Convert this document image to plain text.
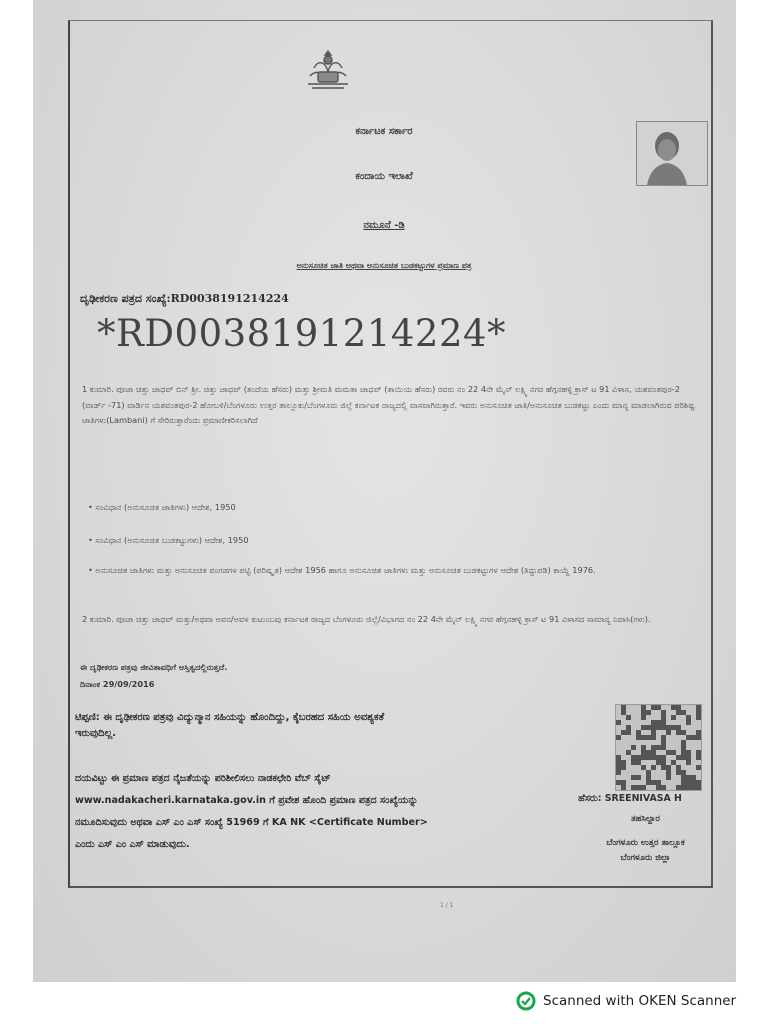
ಕರ್ನಾಟಕ ಸರ್ಕಾರ
ಕಂದಾಯ ಇಲಾಖೆ
ನಮೂನೆ -ಡಿ
ಅನುಸೂಚಿತ ಜಾತಿ ಅಥವಾ ಅನುಸೂಚಿತ ಬುಡಕಟ್ಟುಗಳ ಪ್ರಮಾಣ ಪತ್ರ
ದೃಢೀಕರಣ ಪತ್ರದ ಸಂಖ್ಯೆ:RD0038191214224
*RD0038191214224*
1 ಕುಮಾರಿ. ಪೂಜಾ ಚಿತ್ತು ಜಾಧವ್ ಬಿನ್ ಶ್ರೀ. ಚಿತ್ತು ಜಾಧವ್ (ತಂದೆಯ ಹೆಸರು) ಮತ್ತು ಶ್ರೀಮತಿ ಮಮತಾ ಜಾಧವ್ (ತಾಯಿಯ ಹೆಸರು) ರವರು ನಂ 22 4ನೇ ಮೈನ್ ಲಕ್ಷ್ಮಿ ನಗರ ಹೆಗ್ಗನಹಳ್ಳಿ ಕ್ರಾಸ್ ಟ 91 ವಿಳಾಸ, ಯಶವಂತಪುರ-2 (ವಾರ್ಡ್ -71) ವಾರ್ಡಿನ ಯಶವಂತಪುರ-2 ಹೋಬಳಿ/ಬೆಂಗಳೂರು ಉತ್ತರ ತಾಲ್ಲೂಕು/ಬೆಂಗಳೂರು ಜಿಲ್ಲೆ ಕರ್ನಾಟಕ ರಾಜ್ಯದಲ್ಲಿ ವಾಸವಾಗಿರುತ್ತಾರೆ. ಇವರು ಅನುಸೂಚಿತ ಜಾತಿ/ಅನುಸೂಚಿತ ಬುಡಕಟ್ಟು ಎಂದು ಮಾನ್ಯ ಮಾಡಲಾಗಿರುವ ಪರಿಶಿಷ್ಟ ಜಾತಿಗಳು(Lambani) ಗೆ ಸೇರಿರುತ್ತಾರೆಂದು ಪ್ರಮಾಣೀಕರಿಸಲಾಗಿದೆ
• ಸಂವಿಧಾನ (ಅನುಸೂಚಿತ ಜಾತಿಗಳು) ಆದೇಶ, 1950
• ಸಂವಿಧಾನ (ಅನುಸೂಚಿತ ಬುಡಕಟ್ಟುಗಳು) ಆದೇಶ, 1950
• ಅನುಸೂಚಿತ ಜಾತಿಗಳು ಮತ್ತು ಅನುಸೂಚಿತ ಪಂಗಡಗಳ ಪಟ್ಟಿ (ಪರಿಷ್ಕೃತ) ಆದೇಶ 1956 ಹಾಗೂ ಅನುಸೂಚಿತ ಜಾತಿಗಳು ಮತ್ತು ಅನುಸೂಚಿತ ಬುಡಕಟ್ಟುಗಳ ಆದೇಶ (ತಿದ್ದುಪಡಿ) ಕಾಯ್ದೆ 1976.
2 ಕುಮಾರಿ. ಪೂಜಾ ಚಿತ್ತು ಜಾಧವ್ ಮತ್ತು/ಅಥವಾ ಅವನ/ಅವಳ ಕುಟುಂಬವು ಕರ್ನಾಟಕ ರಾಜ್ಯದ ಬೆಂಗಳೂರು ಜಿಲ್ಲೆ/ವಿಭಾಗದ ನಂ 22 4ನೇ ಮೈನ್ ಲಕ್ಷ್ಮಿ ನಗರ ಹೆಗ್ಗನಹಳ್ಳಿ ಕ್ರಾಸ್ ಟ 91 ವಿಳಾಸದ ಸಾಮಾನ್ಯ ನಿವಾಸಿ(ಗಳು).
ಈ ದೃಢೀಕರಣ ಪತ್ರವು ಜೀವಿತಾವಧಿಗೆ ಅಸ್ತಿತ್ವದಲ್ಲಿರುತ್ತದೆ.
ದಿನಾಂಕ 29/09/2016
ಟಿಪ್ಪಣಿ: ಈ ದೃಢೀಕರಣ ಪತ್ರವು ವಿದ್ಯುನ್ಮಾನ ಸಹಿಯನ್ನು ಹೊಂದಿದ್ದು, ಕೈಬರಹದ ಸಹಿಯ ಅವಶ್ಯಕತೆ
ಇರುವುದಿಲ್ಲ.
ದಯವಿಟ್ಟು ಈ ಪ್ರಮಾಣ ಪತ್ರದ ನೈಜತೆಯನ್ನು ಪರಿಶೀಲಿಸಲು ನಾಡಕಛೇರಿ ವೆಬ್ ಸೈಟ್
www.nadakacheri.karnataka.gov.in ಗೆ ಪ್ರವೇಶ ಹೊಂದಿ ಪ್ರಮಾಣ ಪತ್ರದ ಸಂಖ್ಯೆಯನ್ನು
ನಮೂದಿಸುವುದು ಅಥವಾ ಎಸ್ ಎಂ ಎಸ್ ಸಂಖ್ಯೆ 51969 ಗೆ KA NK <Certificate Number>
ಎಂದು ಎಸ್ ಎಂ ಎಸ್ ಮಾಡುವುದು.
ಹೆಸರು: SREENIVASA H
ತಹಸಿಲ್ದಾರ
ಬೆಂಗಳೂರು ಉತ್ತರ ತಾಲ್ಲೂಕ
ಬೆಂಗಳೂರು ಜಿಲ್ಲಾ
1 / 1
Scanned with OKEN Scanner
